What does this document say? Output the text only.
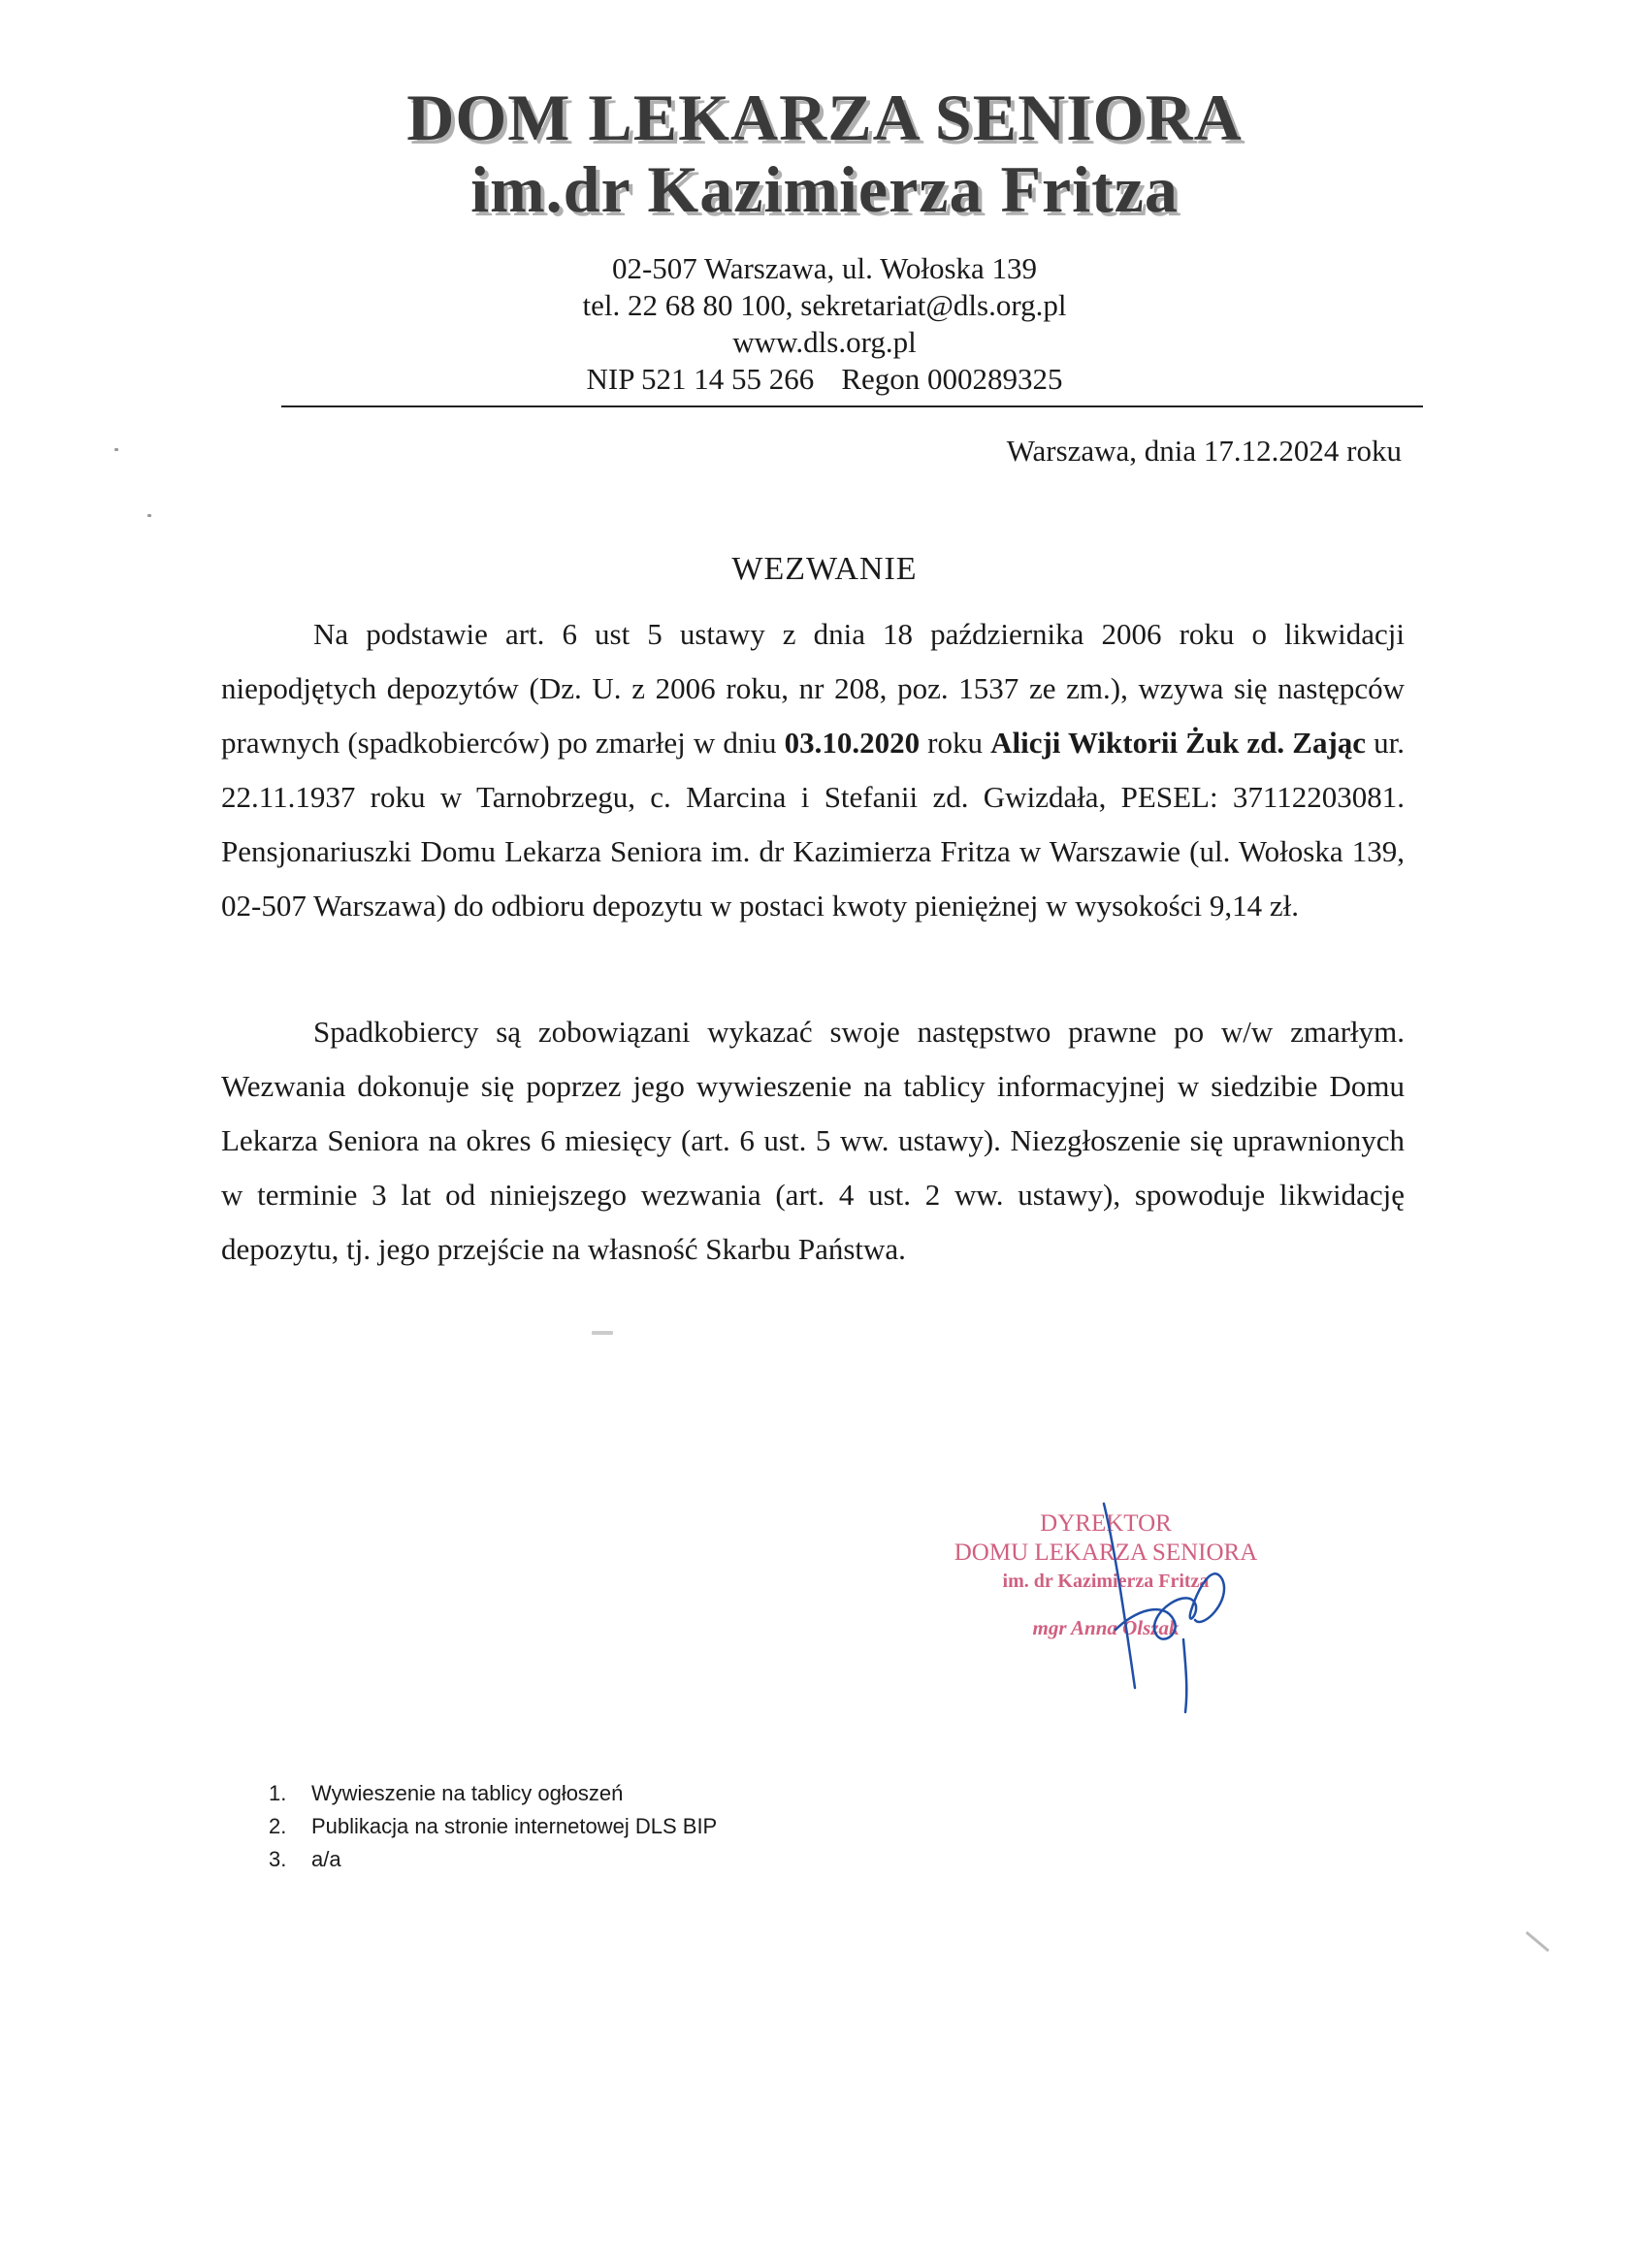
DOM LEKARZA SENIORA
im.dr Kazimierza Fritza
02-507 Warszawa, ul. Wołoska 139
tel. 22 68 80 100, sekretariat@dls.org.pl
www.dls.org.pl
NIP 521 14 55 266 Regon 000289325
Warszawa, dnia 17.12.2024 roku
WEZWANIE

Na podstawie art. 6 ust 5 ustawy z dnia 18 października 2006 roku o likwidacji niepodjętych depozytów (Dz. U. z 2006 roku, nr 208, poz. 1537 ze zm.), wzywa się następców prawnych (spadkobierców) po zmarłej w dniu 03.10.2020 roku Alicji Wiktorii Żuk zd. Zając ur. 22.11.1937 roku w Tarnobrzegu, c. Marcina i Stefanii zd. Gwizdała, PESEL: 37112203081. Pensjonariuszki Domu Lekarza Seniora im. dr Kazimierza Fritza w Warszawie (ul. Wołoska 139, 02-507 Warszawa) do odbioru depozytu w postaci kwoty pieniężnej w wysokości 9,14 zł.

Spadkobiercy są zobowiązani wykazać swoje następstwo prawne po w/w zmarłym. Wezwania dokonuje się poprzez jego wywieszenie na tablicy informacyjnej w siedzibie Domu Lekarza Seniora na okres 6 miesięcy (art. 6 ust. 5 ww. ustawy). Niezgłoszenie się uprawnionych w terminie 3 lat od niniejszego wezwania (art. 4 ust. 2 ww. ustawy), spowoduje likwidację depozytu, tj. jego przejście na własność Skarbu Państwa.

DYREKTOR
DOMU LEKARZA SENIORA
im. dr Kazimierza Fritza
mgr Anna Olszak
1.	Wywieszenie na tablicy ogłoszeń
2.	Publikacja na stronie internetowej DLS BIP
3.	a/a
